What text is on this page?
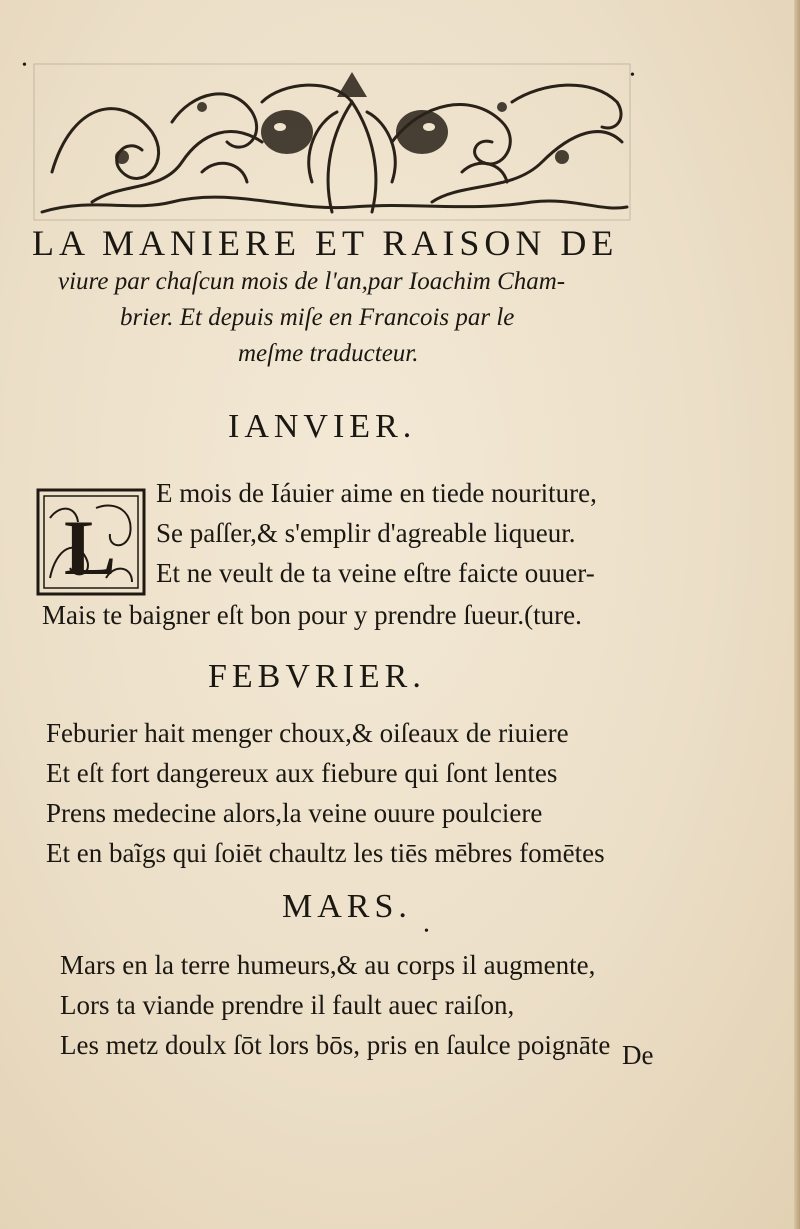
•
•
LA MANIERE ET RAISON DE
viure par chaſcun mois de l'an,par Ioachim Cham-
brier. Et depuis miſe en Francois par le
meſme traducteur.
IANVIER.
L
E mois de Iáuier aime en tiede nouriture,
Se paſſer,& s'emplir d'agreable liqueur.
Et ne veult de ta veine eſtre faicte ouuer-
Mais te baigner eſt bon pour y prendre ſueur.(ture.
FEBVRIER.
Feburier hait menger choux,& oiſeaux de riuiere
Et eſt fort dangereux aux fiebure qui ſont lentes
Prens medecine alors,la veine ouure poulciere
Et en baĩgs qui ſoiēt chaultz les tiēs mēbres fomētes
MARS.
•
Mars en la terre humeurs,& au corps il augmente,
Lors ta viande prendre il fault auec raiſon,
Les metz doulx ſōt lors bōs, pris en ſaulce poignāte De
